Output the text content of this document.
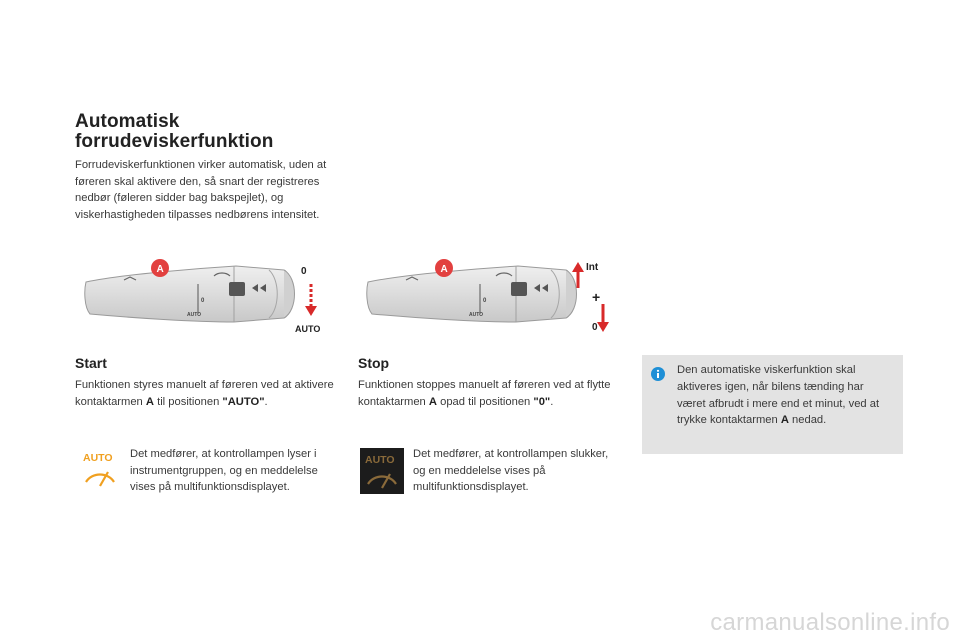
Automatisk
forrudeviskerfunktion

Forrudeviskerfunktionen virker automatisk, uden at føreren skal aktivere den, så snart der registreres nedbør (føleren sidder bag bakspejlet), og viskerhastigheden tilpasses nedbørens intensitet.

0
AUTO
A	0
AUTO
0
AUTO
A	Int
+
0
Start

Funktionen styres manuelt af føreren ved at aktivere kontaktarmen A til positionen "AUTO".

AUTO Det medfører, at kontrollampen lyser i instrumentgruppen, og en meddelelse vises på multifunktionsdisplayet.

Stop

Funktionen stoppes manuelt af føreren ved at flytte kontaktarmen A opad til positionen "0".

AUTO Det medfører, at kontrollampen slukker, og en meddelelse vises på multifunktionsdisplayet.

Den automatiske viskerfunktion skal aktiveres igen, når bilens tænding har været afbrudt i mere end et minut, ved at trykke kontaktarmen A nedad.

carmanualsonline.info
